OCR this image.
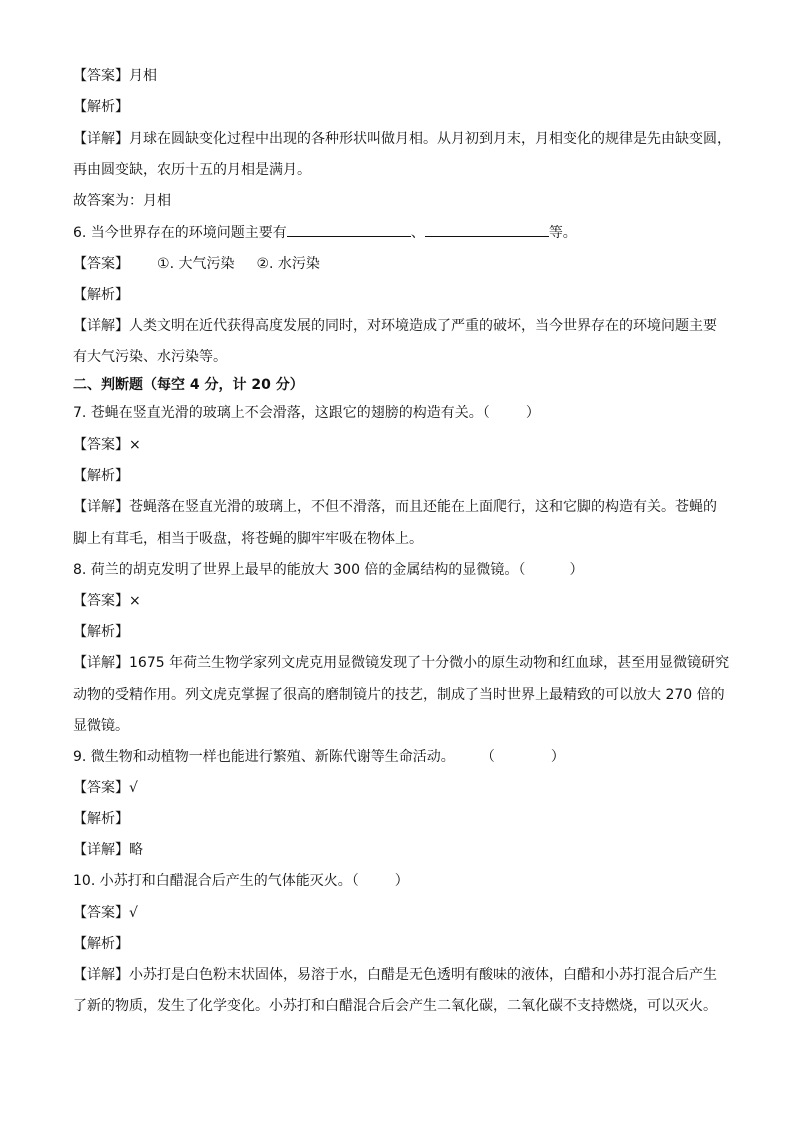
【答案】月相
【解析】
【详解】月球在圆缺变化过程中出现的各种形状叫做月相。从月初到月末，月相变化的规律是先由缺变圆，
再由圆变缺，农历十五的月相是满月。
故答案为：月相
6. 当今世界存在的环境问题主要有	、	等。
【答案】 ①. 大气污染 ②. 水污染
【解析】
【详解】人类文明在近代获得高度发展的同时，对环境造成了严重的破坏，当今世界存在的环境问题主要
有大气污染、水污染等。
二、判断题（每空 4 分，计 20 分）
7. 苍蝇在竖直光滑的玻璃上不会滑落，这跟它的翅膀的构造有关。（	）
【答案】×
【解析】
【详解】苍蝇落在竖直光滑的玻璃上，不但不滑落，而且还能在上面爬行，这和它脚的构造有关。苍蝇的
脚上有茸毛，相当于吸盘，将苍蝇的脚牢牢吸在物体上。
8. 荷兰的胡克发明了世界上最早的能放大 300 倍的金属结构的显微镜。（	）
【答案】×
【解析】
【详解】1675 年荷兰生物学家列文虎克用显微镜发现了十分微小的原生动物和红血球，甚至用显微镜研究
动物的受精作用。列文虎克掌握了很高的磨制镜片的技艺，制成了当时世界上最精致的可以放大 270 倍的
显微镜。
9. 微生物和动植物一样也能进行繁殖、新陈代谢等生命活动。 （	）
【答案】√
【解析】
【详解】略
10. 小苏打和白醋混合后产生的气体能灭火。（	）
【答案】√
【解析】
【详解】小苏打是白色粉末状固体，易溶于水，白醋是无色透明有酸味的液体，白醋和小苏打混合后产生
了新的物质，发生了化学变化。小苏打和白醋混合后会产生二氧化碳，二氧化碳不支持燃烧，可以灭火。
